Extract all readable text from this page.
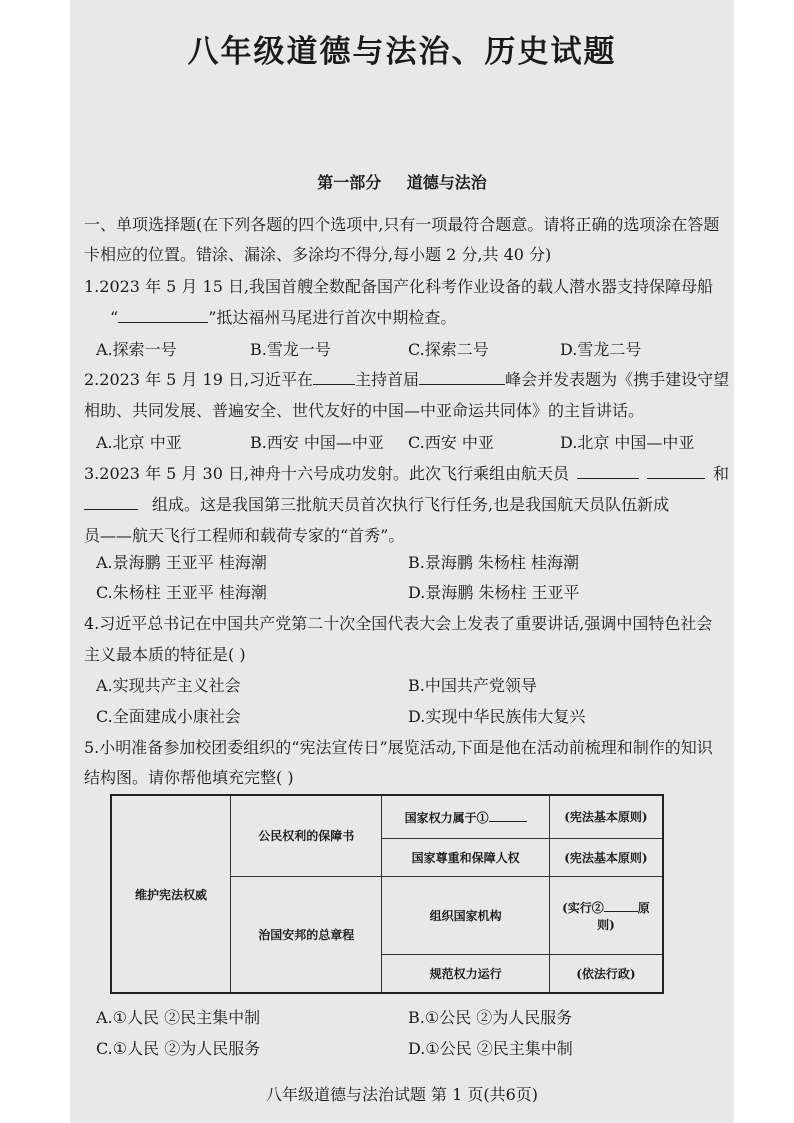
八年级道德与法治、历史试题
第一部分 道德与法治
一、单项选择题(在下列各题的四个选项中,只有一项最符合题意。请将正确的选项涂在答题
卡相应的位置。错涂、漏涂、多涂均不得分,每小题 2 分,共 40 分)
1.2023 年 5 月 15 日,我国首艘全数配备国产化科考作业设备的载人潜水器支持保障母船
“	”抵达福州马尾进行首次中期检查。
A.探索一号	B.雪龙一号	C.探索二号	D.雪龙二号
2.2023 年 5 月 19 日,习近平在	主持首届	峰会并发表题为《携手建设守望
相助、共同发展、普遍安全、世代友好的中国—中亚命运共同体》的主旨讲话。
A.北京 中亚	B.西安 中国—中亚 C.西安 中亚	D.北京 中国—中亚
3.2023 年 5 月 30 日,神舟十六号成功发射。此次飞行乘组由航天员	和
组成。这是我国第三批航天员首次执行飞行任务,也是我国航天员队伍新成
员——航天飞行工程师和载荷专家的“首秀”。
A.景海鹏 王亚平 桂海潮	B.景海鹏 朱杨柱 桂海潮
C.朱杨柱 王亚平 桂海潮	D.景海鹏 朱杨柱 王亚平
4.习近平总书记在中国共产党第二十次全国代表大会上发表了重要讲话,强调中国特色社会
主义最本质的特征是( )
A.实现共产主义社会	B.中国共产党领导
C.全面建成小康社会	D.实现中华民族伟大复兴
5.小明准备参加校团委组织的“宪法宣传日”展览活动,下面是他在活动前梳理和制作的知识
结构图。请你帮他填充完整( )
维护宪法权威	公民权利的保障书	国家权力属于①	(宪法基本原则)
		国家尊重和保障人权	(宪法基本原则)
	治国安邦的总章程	组织国家机构	(实行② 原则)
		规范权力运行	(依法行政)
A.①人民 ②民主集中制	B.①公民 ②为人民服务
C.①人民 ②为人民服务	D.①公民 ②民主集中制
八年级道德与法治试题 第 1 页(共6页)
